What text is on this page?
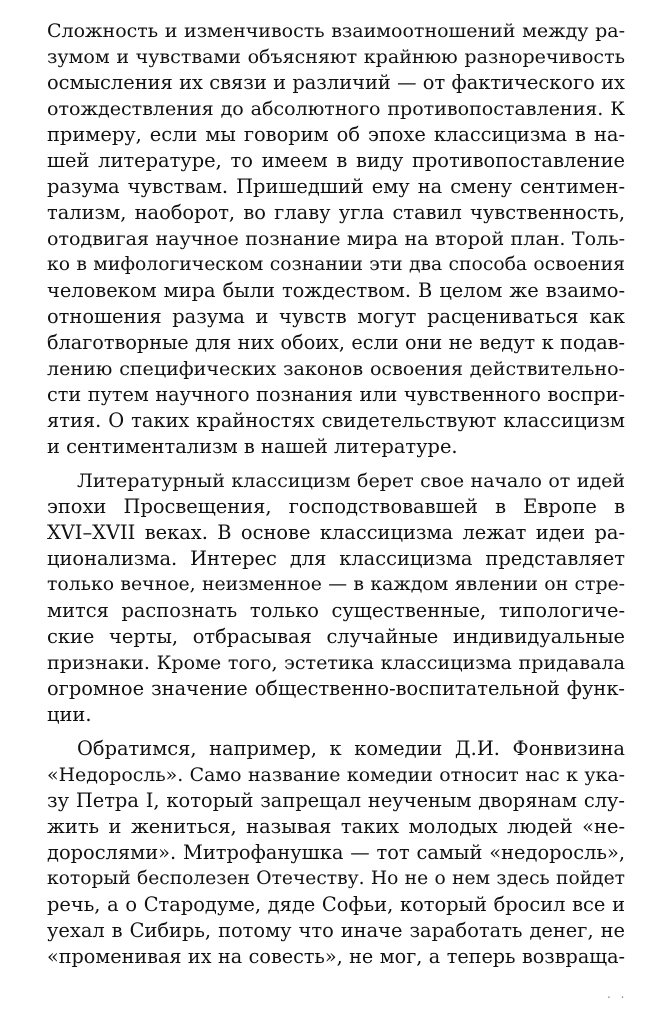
Сложность и изменчивость взаимоотношений между ра-
зумом и чувствами объясняют крайнюю разноречивость
осмысления их связи и различий — от фактического их
отождествления до абсолютного противопоставления. К
примеру, если мы говорим об эпохе классицизма в на-
шей литературе, то имеем в виду противопоставление
разума чувствам. Пришедший ему на смену сентимен-
тализм, наоборот, во главу угла ставил чувственность,
отодвигая научное познание мира на второй план. Толь-
ко в мифологическом сознании эти два способа освоения
человеком мира были тождеством. В целом же взаимо-
отношения разума и чувств могут расцениваться как
благотворные для них обоих, если они не ведут к подав-
лению специфических законов освоения действительно-
сти путем научного познания или чувственного воспри-
ятия. О таких крайностях свидетельствуют классицизм
и сентиментализм в нашей литературе.
Литературный классицизм берет свое начало от идей
эпохи Просвещения, господствовавшей в Европе в
XVI–XVII веках. В основе классицизма лежат идеи ра-
ционализма. Интерес для классицизма представляет
только вечное, неизменное — в каждом явлении он стре-
мится распознать только существенные, типологиче-
ские черты, отбрасывая случайные индивидуальные
признаки. Кроме того, эстетика классицизма придавала
огромное значение общественно-воспитательной функ-
ции.
Обратимся, например, к комедии Д.И. Фонвизина
«Недоросль». Само название комедии относит нас к ука-
зу Петра I, который запрещал неученым дворянам слу-
жить и жениться, называя таких молодых людей «не-
дорослями». Митрофанушка — тот самый «недоросль»,
который бесполезен Отечеству. Но не о нем здесь пойдет
речь, а о Стародуме, дяде Софьи, который бросил все и
уехал в Сибирь, потому что иначе заработать денег, не
«променивая их на совесть», не мог, а теперь возвраща-
. .
